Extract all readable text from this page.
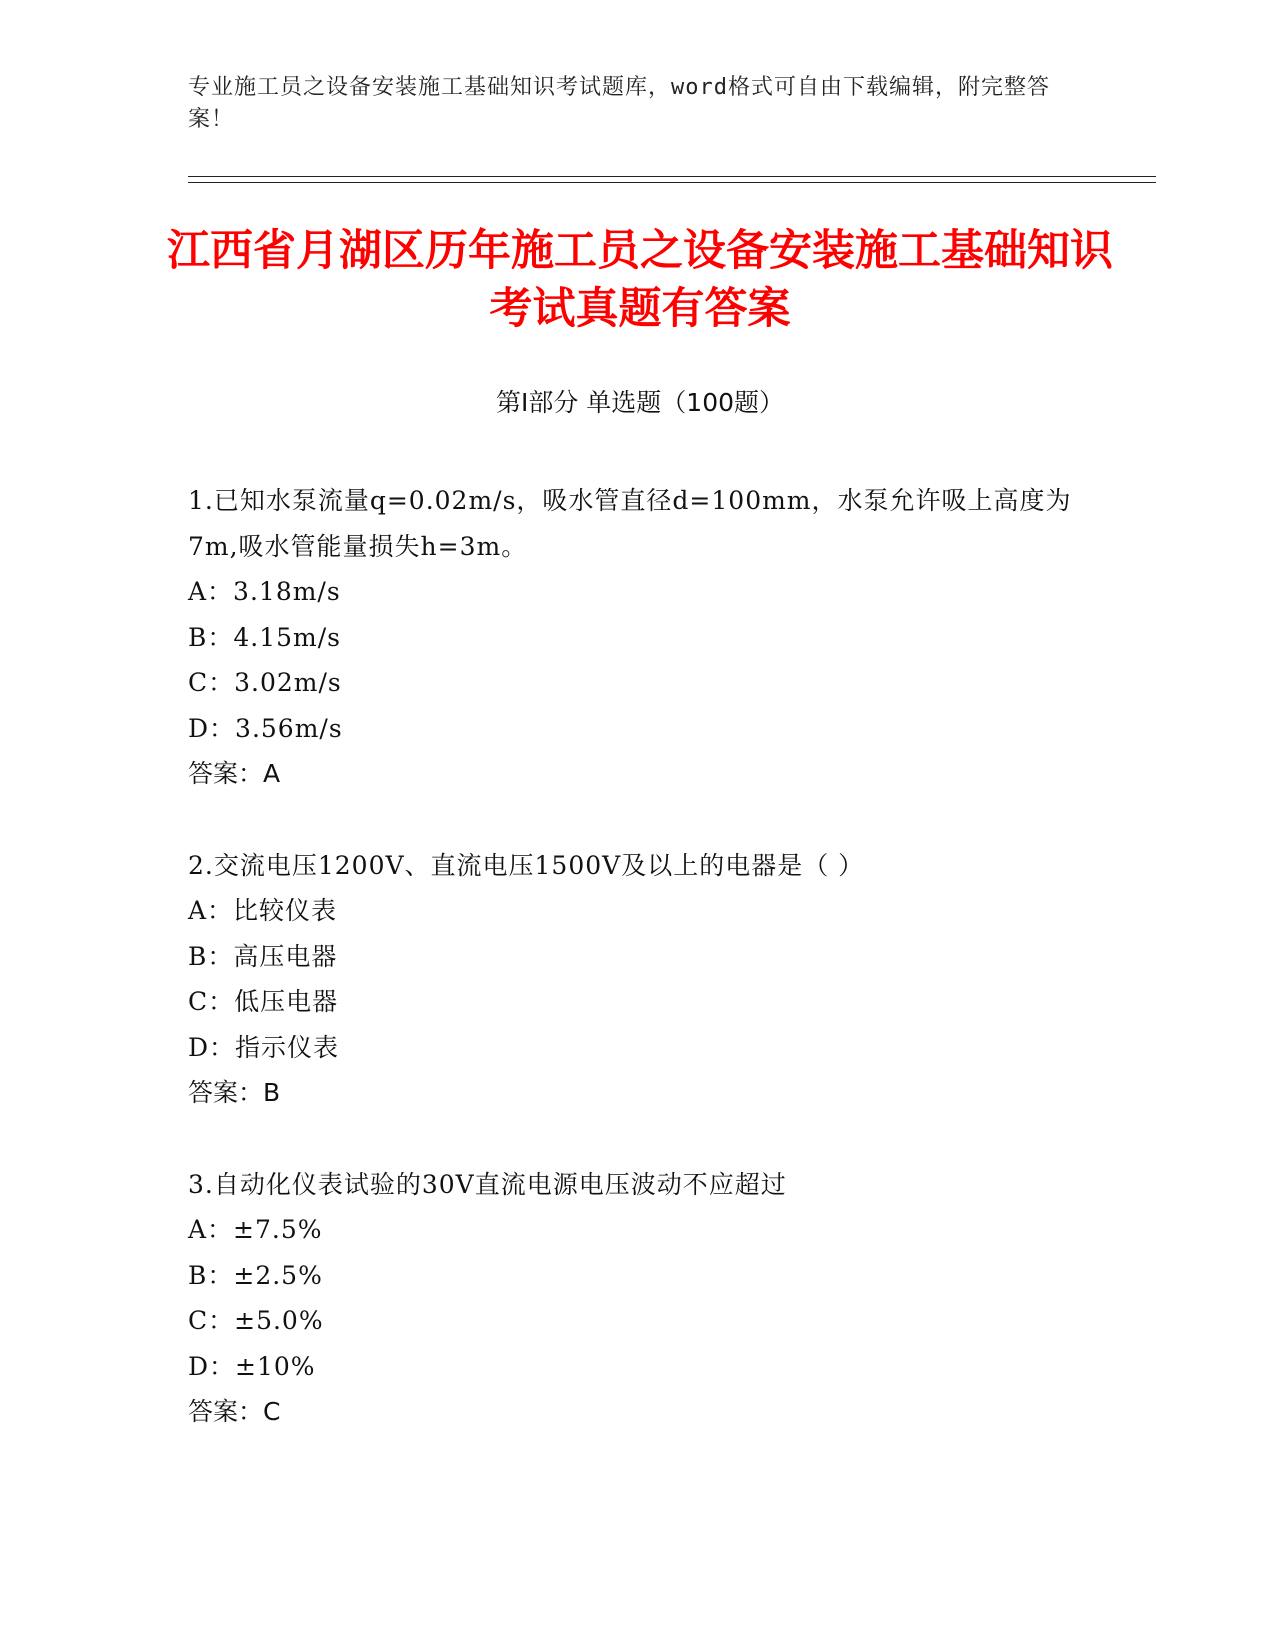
专业施工员之设备安装施工基础知识考试题库，word格式可自由下载编辑，附完整答案！
江西省月湖区历年施工员之设备安装施工基础知识考试真题有答案
第Ⅰ部分 单选题（100题）
1.已知水泵流量q=0.02m/s，吸水管直径d=100mm，水泵允许吸上高度为7m,吸水管能量损失h=3m。
A：3.18m/s
B：4.15m/s
C：3.02m/s
D：3.56m/s
答案：A
2.交流电压1200V、直流电压1500V及以上的电器是（ ）
A：比较仪表
B：高压电器
C：低压电器
D：指示仪表
答案：B
3.自动化仪表试验的30V直流电源电压波动不应超过
A：±7.5%
B：±2.5%
C：±5.0%
D：±10%
答案：C
